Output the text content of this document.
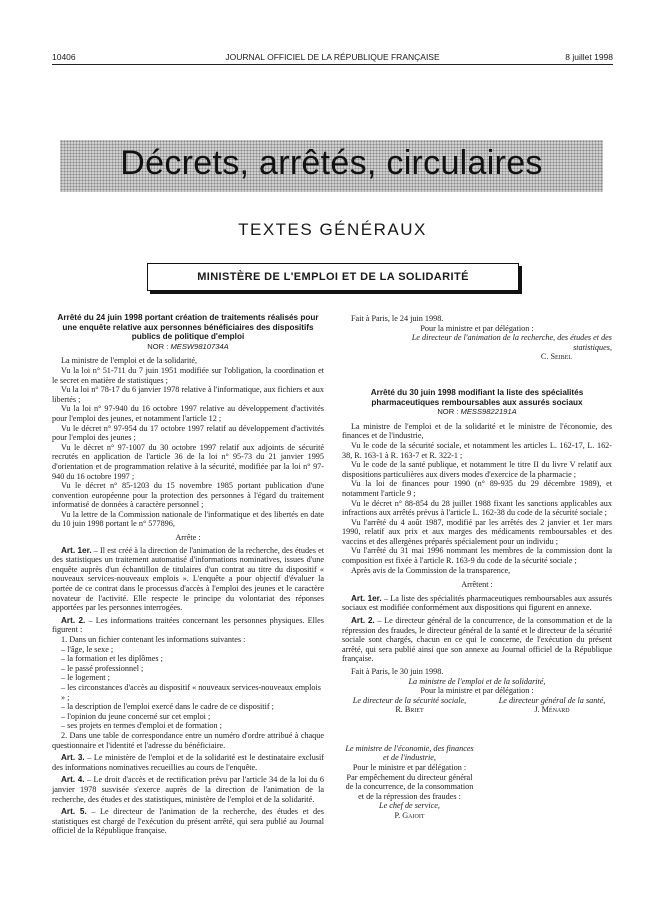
10406	JOURNAL OFFICIEL DE LA RÉPUBLIQUE FRANÇAISE	8 juillet 1998
Décrets, arrêtés, circulaires
TEXTES GÉNÉRAUX
MINISTÈRE DE L'EMPLOI ET DE LA SOLIDARITÉ

Arrêté du 24 juin 1998 portant création de traitements réalisés pour une enquête relative aux personnes bénéficiaires des dispositifs publics de politique d'emploi

NOR : MESW9810734A

La ministre de l'emploi et de la solidarité,

Vu la loi n° 51-711 du 7 juin 1951 modifiée sur l'obligation, la coordination et le secret en matière de statistiques ;

Vu la loi n° 78-17 du 6 janvier 1978 relative à l'informatique, aux fichiers et aux libertés ;

Vu la loi n° 97-940 du 16 octobre 1997 relative au développement d'activités pour l'emploi des jeunes, et notamment l'article 12 ;

Vu le décret n° 97-954 du 17 octobre 1997 relatif au développement d'activités pour l'emploi des jeunes ;

Vu le décret n° 97-1007 du 30 octobre 1997 relatif aux adjoints de sécurité recrutés en application de l'article 36 de la loi n° 95-73 du 21 janvier 1995 d'orientation et de programmation relative à la sécurité, modifiée par la loi n° 97-940 du 16 octobre 1997 ;

Vu le décret n° 85-1203 du 15 novembre 1985 portant publication d'une convention européenne pour la protection des personnes à l'égard du traitement informatisé de données à caractère personnel ;

Vu la lettre de la Commission nationale de l'informatique et des libertés en date du 10 juin 1998 portant le n° 577896,

Arrête :

Art. 1er. – Il est créé à la direction de l'animation de la recherche, des études et des statistiques un traitement automatisé d'informations nominatives, issues d'une enquête auprès d'un échantillon de titulaires d'un contrat au titre du dispositif « nouveaux services-nouveaux emplois ». L'enquête a pour objectif d'évaluer la portée de ce contrat dans le processus d'accès à l'emploi des jeunes et le caractère novateur de l'activité. Elle respecte le principe du volontariat des réponses apportées par les personnes interrogées.

Art. 2. – Les informations traitées concernant les personnes physiques. Elles figurent :

1. Dans un fichier contenant les informations suivantes :

– l'âge, le sexe ;

– la formation et les diplômes ;

– le passé professionnel ;

– le logement ;

– les circonstances d'accès au dispositif « nouveaux services-nouveaux emplois » ;

– la description de l'emploi exercé dans le cadre de ce dispositif ;

– l'opinion du jeune concerné sur cet emploi ;

– ses projets en termes d'emploi et de formation ;

2. Dans une table de correspondance entre un numéro d'ordre attribué à chaque questionnaire et l'identité et l'adresse du bénéficiaire.

Art. 3. – Le ministère de l'emploi et de la solidarité est le destinataire exclusif des informations nominatives recueillies au cours de l'enquête.

Art. 4. – Le droit d'accès et de rectification prévu par l'article 34 de la loi du 6 janvier 1978 susvisée s'exerce auprès de la direction de l'animation de la recherche, des études et des statistiques, ministère de l'emploi et de la solidarité.

Art. 5. – Le directeur de l'animation de la recherche, des études et des statistiques est chargé de l'exécution du présent arrêté, qui sera publié au Journal officiel de la République française.

Fait à Paris, le 24 juin 1998.

Pour la ministre et par délégation :

Le directeur de l'animation de la recherche, des études et des statistiques,

C. Seibel

Arrêté du 30 juin 1998 modifiant la liste des spécialités pharmaceutiques remboursables aux assurés sociaux

NOR : MESS9822191A

La ministre de l'emploi et de la solidarité et le ministre de l'économie, des finances et de l'industrie,

Vu le code de la sécurité sociale, et notamment les articles L. 162-17, L. 162-38, R. 163-1 à R. 163-7 et R. 322-1 ;

Vu le code de la santé publique, et notamment le titre II du livre V relatif aux dispositions particulières aux divers modes d'exercice de la pharmacie ;

Vu la loi de finances pour 1990 (n° 89-935 du 29 décembre 1989), et notamment l'article 9 ;

Vu le décret n° 88-854 du 28 juillet 1988 fixant les sanctions applicables aux infractions aux arrêtés prévus à l'article L. 162-38 du code de la sécurité sociale ;

Vu l'arrêté du 4 août 1987, modifié par les arrêtés des 2 janvier et 1er mars 1990, relatif aux prix et aux marges des médicaments remboursables et des vaccins et des allergènes préparés spécialement pour un individu ;

Vu l'arrêté du 31 mai 1996 nommant les membres de la commission dont la composition est fixée à l'article R. 163-9 du code de la sécurité sociale ;

Après avis de la Commission de la transparence,

Arrêtent :

Art. 1er. – La liste des spécialités pharmaceutiques remboursables aux assurés sociaux est modifiée conformément aux dispositions qui figurent en annexe.

Art. 2. – Le directeur général de la concurrence, de la consommation et de la répression des fraudes, le directeur général de la santé et le directeur de la sécurité sociale sont chargés, chacun en ce qui le concerne, de l'exécution du présent arrêté, qui sera publié ainsi que son annexe au Journal officiel de la République française.

Fait à Paris, le 30 juin 1998.

La ministre de l'emploi et de la solidarité,

Pour la ministre et par délégation :

Le directeur de la sécurité sociale,

R. Briet

Le directeur général de la santé,

J. Ménard

Le ministre de l'économie, des finances et de l'industrie,

Pour le ministre et par délégation :

Par empêchement du directeur général de la concurrence, de la consommation et de la répression des fraudes :

Le chef de service,

P. Gaioit
